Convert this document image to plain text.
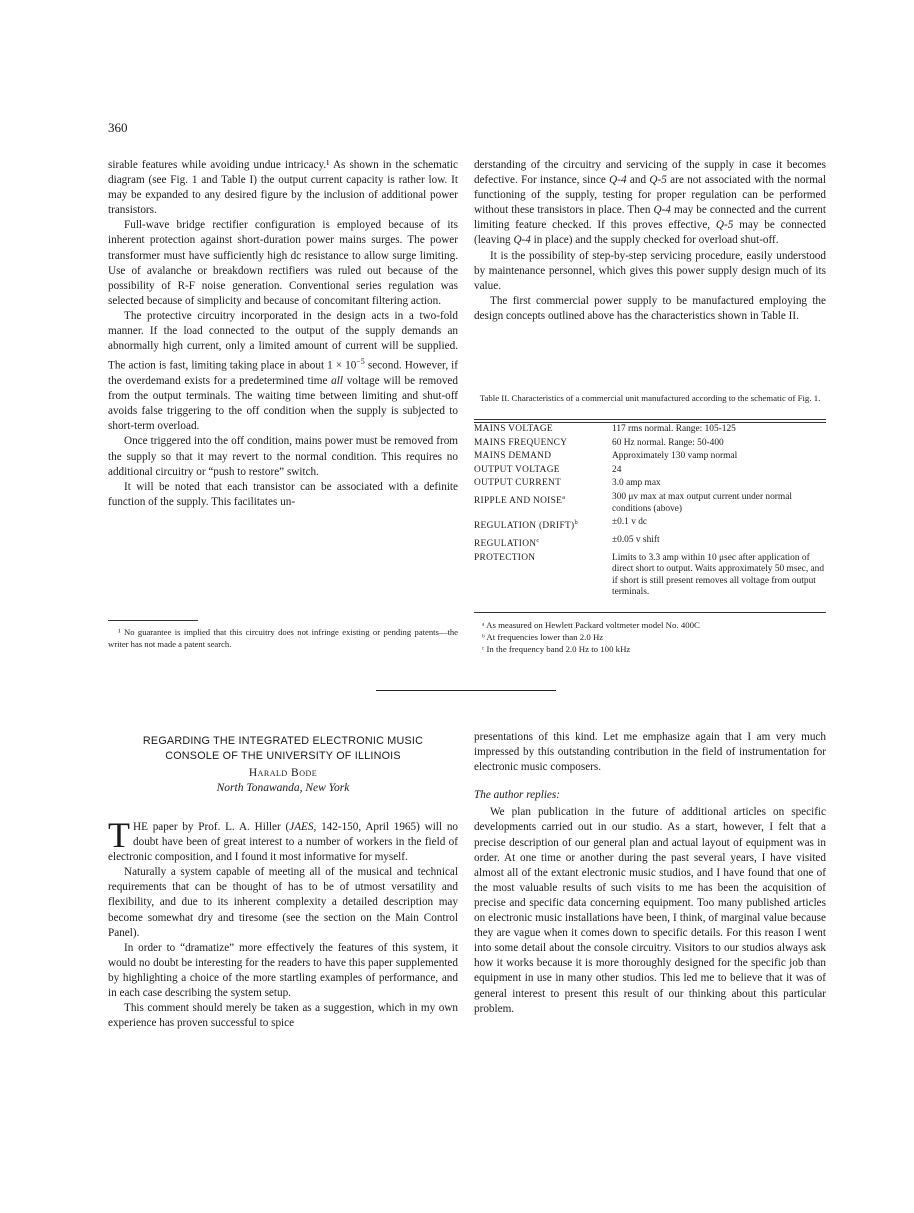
360

sirable features while avoiding undue intricacy.¹ As shown in the schematic diagram (see Fig. 1 and Table I) the output current capacity is rather low. It may be expanded to any desired figure by the inclusion of additional power transistors.

Full-wave bridge rectifier configuration is employed because of its inherent protection against short-duration power mains surges. The power transformer must have sufficiently high dc resistance to allow surge limiting. Use of avalanche or breakdown rectifiers was ruled out because of the possibility of R-F noise generation. Conventional series regulation was selected because of simplicity and because of concomitant filtering action.

The protective circuitry incorporated in the design acts in a two-fold manner. If the load connected to the output of the supply demands an abnormally high current, only a limited amount of current will be supplied. The action is fast, limiting taking place in about $1 \times 10^{-5}$ second. However, if the overdemand exists for a predetermined time all voltage will be removed from the output terminals. The waiting time between limiting and shut-off avoids false triggering to the off condition when the supply is subjected to short-term overload.

Once triggered into the off condition, mains power must be removed from the supply so that it may revert to the normal condition. This requires no additional circuitry or “push to restore” switch.

It will be noted that each transistor can be associated with a definite function of the supply. This facilitates un-

¹ No guarantee is implied that this circuitry does not infringe existing or pending patents—the writer has not made a patent search.

derstanding of the circuitry and servicing of the supply in case it becomes defective. For instance, since Q-4 and Q-5 are not associated with the normal functioning of the supply, testing for proper regulation can be performed without these transistors in place. Then Q-4 may be connected and the current limiting feature checked. If this proves effective, Q-5 may be connected (leaving Q-4 in place) and the supply checked for overload shut-off.

It is the possibility of step-by-step servicing procedure, easily understood by maintenance personnel, which gives this power supply design much of its value.

The first commercial power supply to be manufactured employing the design concepts outlined above has the characteristics shown in Table II.

Table II. Characteristics of a commercial unit manufactured according to the schematic of Fig. 1.
MAINS VOLTAGE	117 rms normal. Range: 105-125
MAINS FREQUENCY	60 Hz normal. Range: 50-400
MAINS DEMAND	Approximately 130 vamp normal
OUTPUT VOLTAGE	24
OUTPUT CURRENT	3.0 amp max
RIPPLE AND NOISE$^a$	300 μv max at max output current under normal conditions (above)
REGULATION (DRIFT)$^b$	±0.1 v dc
$REGULATION^c$	±0.05 v shift
PROTECTION	Limits to 3.3 amp within 10 μsec after application of direct short to output. Waits approximately 50 msec, and if short is still present removes all voltage from output terminals.

ᵃ As measured on Hewlett Packard voltmeter model No. 400C

ᵇ At frequencies lower than 2.0 Hz

ᶜ In the frequency band 2.0 Hz to 100 kHz

REGARDING THE INTEGRATED ELECTRONIC MUSIC
CONSOLE OF THE UNIVERSITY OF ILLINOIS
Harald Bode
North Tonawanda, New York

THE paper by Prof. L. A. Hiller (JAES, 142-150, April 1965) will no doubt have been of great interest to a number of workers in the field of electronic composition, and I found it most informative for myself.

Naturally a system capable of meeting all of the musical and technical requirements that can be thought of has to be of utmost versatility and flexibility, and due to its inherent complexity a detailed description may become somewhat dry and tiresome (see the section on the Main Control Panel).

In order to “dramatize” more effectively the features of this system, it would no doubt be interesting for the readers to have this paper supplemented by highlighting a choice of the more startling examples of performance, and in each case describing the system setup.

This comment should merely be taken as a suggestion, which in my own experience has proven successful to spice

presentations of this kind. Let me emphasize again that I am very much impressed by this outstanding contribution in the field of instrumentation for electronic music composers.

The author replies:

We plan publication in the future of additional articles on specific developments carried out in our studio. As a start, however, I felt that a precise description of our general plan and actual layout of equipment was in order. At one time or another during the past several years, I have visited almost all of the extant electronic music studios, and I have found that one of the most valuable results of such visits to me has been the acquisition of precise and specific data concerning equipment. Too many published articles on electronic music installations have been, I think, of marginal value because they are vague when it comes down to specific details. For this reason I went into some detail about the console circuitry. Visitors to our studios always ask how it works because it is more thoroughly designed for the specific job than equipment in use in many other studios. This led me to believe that it was of general interest to present this result of our thinking about this particular problem.
